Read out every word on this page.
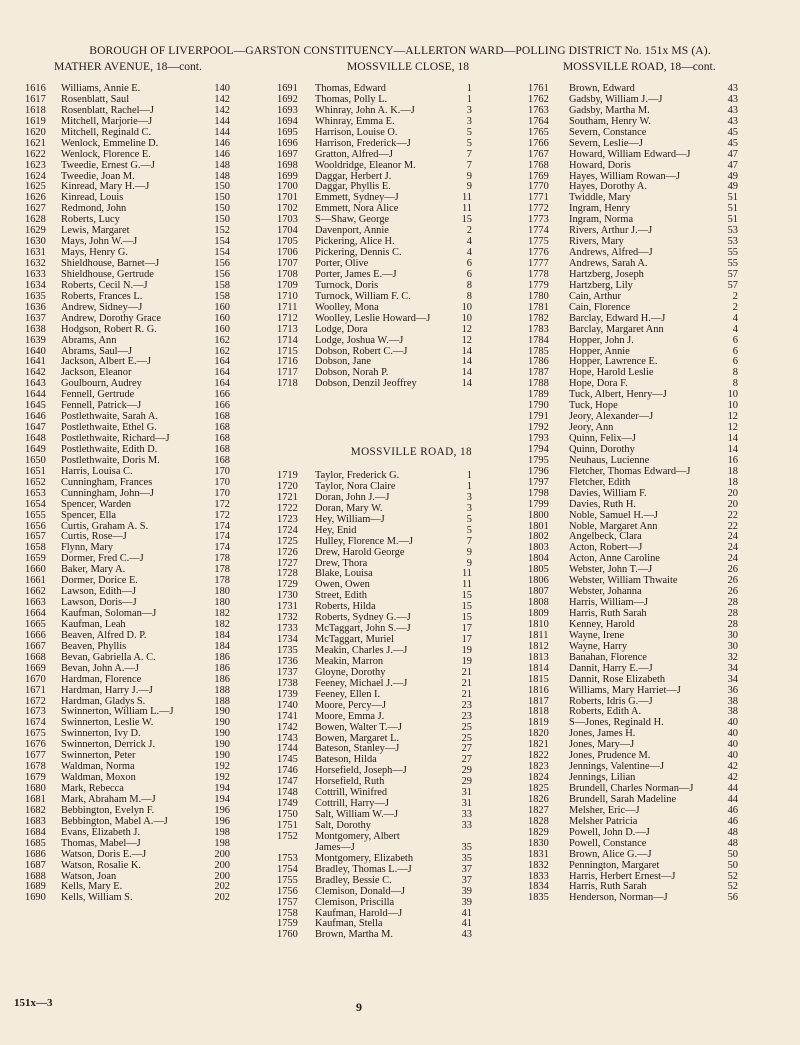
BOROUGH OF LIVERPOOL—GARSTON CONSTITUENCY—ALLERTON WARD—POLLING DISTRICT No. 151x MS (A).
MATHER AVENUE, 18—cont.	MOSSVILLE CLOSE, 18	MOSSVILLE ROAD, 18—cont.
1616 Williams, Annie E.	140
1617 Rosenblatt, Saul	142
1618 Rosenblatt, Rachel—J	142
1619 Mitchell, Marjorie—J	144
1620 Mitchell, Reginald C.	144
1621 Wenlock, Emmeline D.	146
1622 Wenlock, Florence E.	146
1623 Tweedie, Ernest G.—J	148
1624 Tweedie, Joan M.	148
1625 Kinread, Mary H.—J	150
1626 Kinread, Louis	150
1627 Redmond, John	150
1628 Roberts, Lucy	150
1629 Lewis, Margaret	152
1630 Mays, John W.—J	154
1631 Mays, Henry G.	154
1632 Shieldhouse, Barnet—J	156
1633 Shieldhouse, Gertrude	156
1634 Roberts, Cecil N.—J	158
1635 Roberts, Frances L.	158
1636 Andrew, Sidney—J	160
1637 Andrew, Dorothy Grace	160
1638 Hodgson, Robert R. G.	160
1639 Abrams, Ann	162
1640 Abrams, Saul—J	162
1641 Jackson, Albert E.—J	164
1642 Jackson, Eleanor	164
1643 Goulbourn, Audrey	164
1644 Fennell, Gertrude	166
1645 Fennell, Patrick—J	166
1646 Postlethwaite, Sarah A.	168
1647 Postlethwaite, Ethel G.	168
1648 Postlethwaite, Richard—J	168
1649 Postlethwaite, Edith D.	168
1650 Postlethwaite, Doris M.	168
1651 Harris, Louisa C.	170
1652 Cunningham, Frances	170
1653 Cunningham, John—J	170
1654 Spencer, Warden	172
1655 Spencer, Ella	172
1656 Curtis, Graham A. S.	174
1657 Curtis, Rose—J	174
1658 Flynn, Mary	174
1659 Dormer, Fred C.—J	178
1660 Baker, Mary A.	178
1661 Dormer, Dorice E.	178
1662 Lawson, Edith—J	180
1663 Lawson, Doris—J	180
1664 Kaufman, Soloman—J	182
1665 Kaufman, Leah	182
1666 Beaven, Alfred D. P.	184
1667 Beaven, Phyllis	184
1668 Bevan, Gabriella A. C.	186
1669 Bevan, John A.—J	186
1670 Hardman, Florence	186
1671 Hardman, Harry J.—J	188
1672 Hardman, Gladys S.	188
1673 Swinnerton, William L.—J	190
1674 Swinnerton, Leslie W.	190
1675 Swinnerton, Ivy D.	190
1676 Swinnerton, Derrick J.	190
1677 Swinnerton, Peter	190
1678 Waldman, Norma	192
1679 Waldman, Moxon	192
1680 Mark, Rebecca	194
1681 Mark, Abraham M.—J	194
1682 Bebbington, Evelyn F.	196
1683 Bebbington, Mabel A.—J	196
1684 Evans, Elizabeth J.	198
1685 Thomas, Mabel—J	198
1686 Watson, Doris E.—J	200
1687 Watson, Rosalie K.	200
1688 Watson, Joan	200
1689 Kells, Mary E.	202
1690 Kells, William S.	202
1691 Thomas, Edward	1
1692 Thomas, Polly L.	1
1693 Whinray, John A. K.—J	3
1694 Whinray, Emma E.	3
1695 Harrison, Louise O.	5
1696 Harrison, Frederick—J	5
1697 Gratton, Alfred—J	7
1698 Wooldridge, Eleanor M.	7
1699 Daggar, Herbert J.	9
1700 Daggar, Phyllis E.	9
1701 Emmett, Sydney—J	11
1702 Emmett, Nora Alice	11
1703 S—Shaw, George	15
1704 Davenport, Annie	2
1705 Pickering, Alice H.	4
1706 Pickering, Dennis C.	4
1707 Porter, Olive	6
1708 Porter, James E.—J	6
1709 Turnock, Doris	8
1710 Turnock, William F. C.	8
1711 Woolley, Mona	10
1712 Woolley, Leslie Howard—J	10
1713 Lodge, Dora	12
1714 Lodge, Joshua W.—J	12
1715 Dobson, Robert C.—J	14
1716 Dobson, Jane	14
1717 Dobson, Norah P.	14
1718 Dobson, Denzil Jeoffrey	14
MOSSVILLE ROAD, 18
1719 Taylor, Frederick G.	1
1720 Taylor, Nora Claire	1
1721 Doran, John J.—J	3
1722 Doran, Mary W.	3
1723 Hey, William—J	5
1724 Hey, Enid	5
1725 Hulley, Florence M.—J	7
1726 Drew, Harold George	9
1727 Drew, Thora	9
1728 Blake, Louisa	11
1729 Owen, Owen	11
1730 Street, Edith	15
1731 Roberts, Hilda	15
1732 Roberts, Sydney G.—J	15
1733 McTaggart, John S.—J	17
1734 McTaggart, Muriel	17
1735 Meakin, Charles J.—J	19
1736 Meakin, Marron	19
1737 Gloyne, Dorothy	21
1738 Feeney, Michael J.—J	21
1739 Feeney, Ellen I.	21
1740 Moore, Percy—J	23
1741 Moore, Emma J.	23
1742 Bowen, Walter T.—J	25
1743 Bowen, Margaret L.	25
1744 Bateson, Stanley—J	27
1745 Bateson, Hilda	27
1746 Horsefield, Joseph—J	29
1747 Horsefield, Ruth	29
1748 Cottrill, Winifred	31
1749 Cottrill, Harry—J	31
1750 Salt, William W.—J	33
1751 Salt, Dorothy	33
1752 Montgomery, Albert
James—J	35
1753 Montgomery, Elizabeth	35
1754 Bradley, Thomas L.—J	37
1755 Bradley, Bessie C.	37
1756 Clemison, Donald—J	39
1757 Clemison, Priscilla	39
1758 Kaufman, Harold—J	41
1759 Kaufman, Stella	41
1760 Brown, Martha M.	43
1761 Brown, Edward	43
1762 Gadsby, William J.—J	43
1763 Gadsby, Martha M.	43
1764 Southam, Henry W.	43
1765 Severn, Constance	45
1766 Severn, Leslie—J	45
1767 Howard, William Edward—J	47
1768 Howard, Doris	47
1769 Hayes, William Rowan—J	49
1770 Hayes, Dorothy A.	49
1771 Twiddle, Mary	51
1772 Ingram, Henry	51
1773 Ingram, Norma	51
1774 Rivers, Arthur J.—J	53
1775 Rivers, Mary	53
1776 Andrews, Alfred—J	55
1777 Andrews, Sarah A.	55
1778 Hartzberg, Joseph	57
1779 Hartzberg, Lily	57
1780 Cain, Arthur	2
1781 Cain, Florence	2
1782 Barclay, Edward H.—J	4
1783 Barclay, Margaret Ann	4
1784 Hopper, John J.	6
1785 Hopper, Annie	6
1786 Hopper, Lawrence E.	6
1787 Hope, Harold Leslie	8
1788 Hope, Dora F.	8
1789 Tuck, Albert, Henry—J	10
1790 Tuck, Hope	10
1791 Jeory, Alexander—J	12
1792 Jeory, Ann	12
1793 Quinn, Felix—J	14
1794 Quinn, Dorothy	14
1795 Neuhaus, Lucienne	16
1796 Fletcher, Thomas Edward—J	18
1797 Fletcher, Edith	18
1798 Davies, William F.	20
1799 Davies, Ruth H.	20
1800 Noble, Samuel H.—J	22
1801 Noble, Margaret Ann	22
1802 Angelbeck, Clara	24
1803 Acton, Robert—J	24
1804 Acton, Anne Caroline	24
1805 Webster, John T.—J	26
1806 Webster, William Thwaite	26
1807 Webster, Johanna	26
1808 Harris, William—J	28
1809 Harris, Ruth Sarah	28
1810 Kenney, Harold	28
1811 Wayne, Irene	30
1812 Wayne, Harry	30
1813 Banahan, Florence	32
1814 Dannit, Harry E.—J	34
1815 Dannit, Rose Elizabeth	34
1816 Williams, Mary Harriet—J	36
1817 Roberts, Idris G.—J	38
1818 Roberts, Edith A.	38
1819 S—Jones, Reginald H.	40
1820 Jones, James H.	40
1821 Jones, Mary—J	40
1822 Jones, Prudence M.	40
1823 Jennings, Valentine—J	42
1824 Jennings, Lilian	42
1825 Brundell, Charles Norman—J	44
1826 Brundell, Sarah Madeline	44
1827 Melsher, Eric—J	46
1828 Melsher Patricia	46
1829 Powell, John D.—J	48
1830 Powell, Constance	48
1831 Brown, Alice G.—J	50
1832 Pennington, Margaret	50
1833 Harris, Herbert Ernest—J	52
1834 Harris, Ruth Sarah	52
1835 Henderson, Norman—J	56
151x—3	9
